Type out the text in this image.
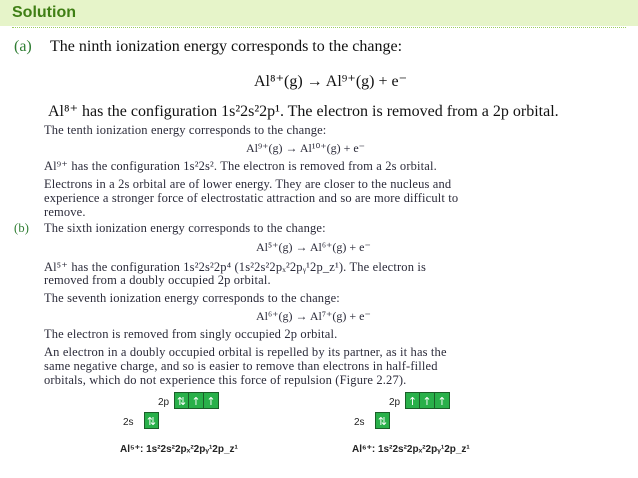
Solution
(a) The ninth ionization energy corresponds to the change:
Al⁸⁺(g) → Al⁹⁺(g) + e⁻
Al⁸⁺ has the configuration 1s²2s²2p¹. The electron is removed from a 2p orbital.
The tenth ionization energy corresponds to the change:
Al⁹⁺(g) → Al¹⁰⁺(g) + e⁻
Al⁹⁺ has the configuration 1s²2s². The electron is removed from a 2s orbital.
Electrons in a 2s orbital are of lower energy. They are closer to the nucleus and
experience a stronger force of electrostatic attraction and so are more difficult to
remove.
(b) The sixth ionization energy corresponds to the change:
Al⁵⁺(g) → Al⁶⁺(g) + e⁻
Al⁵⁺ has the configuration 1s²2s²2p⁴ (1s²2s²2pₓ²2pᵧ¹2p_z¹). The electron is
removed from a doubly occupied 2p orbital.
The seventh ionization energy corresponds to the change:
Al⁶⁺(g) → Al⁷⁺(g) + e⁻
The electron is removed from singly occupied 2p orbital.
An electron in a doubly occupied orbital is repelled by its partner, as it has the
same negative charge, and so is easier to remove than electrons in half-filled
orbitals, which do not experience this force of repulsion (Figure 2.27).
2p ⇅ ↑ ↑
2s ⇅
Al⁵⁺: 1s²2s²2pₓ²2pᵧ¹2p_z¹
2p ↑ ↑ ↑
2s ⇅
Al⁶⁺: 1s²2s²2pₓ²2pᵧ¹2p_z¹
